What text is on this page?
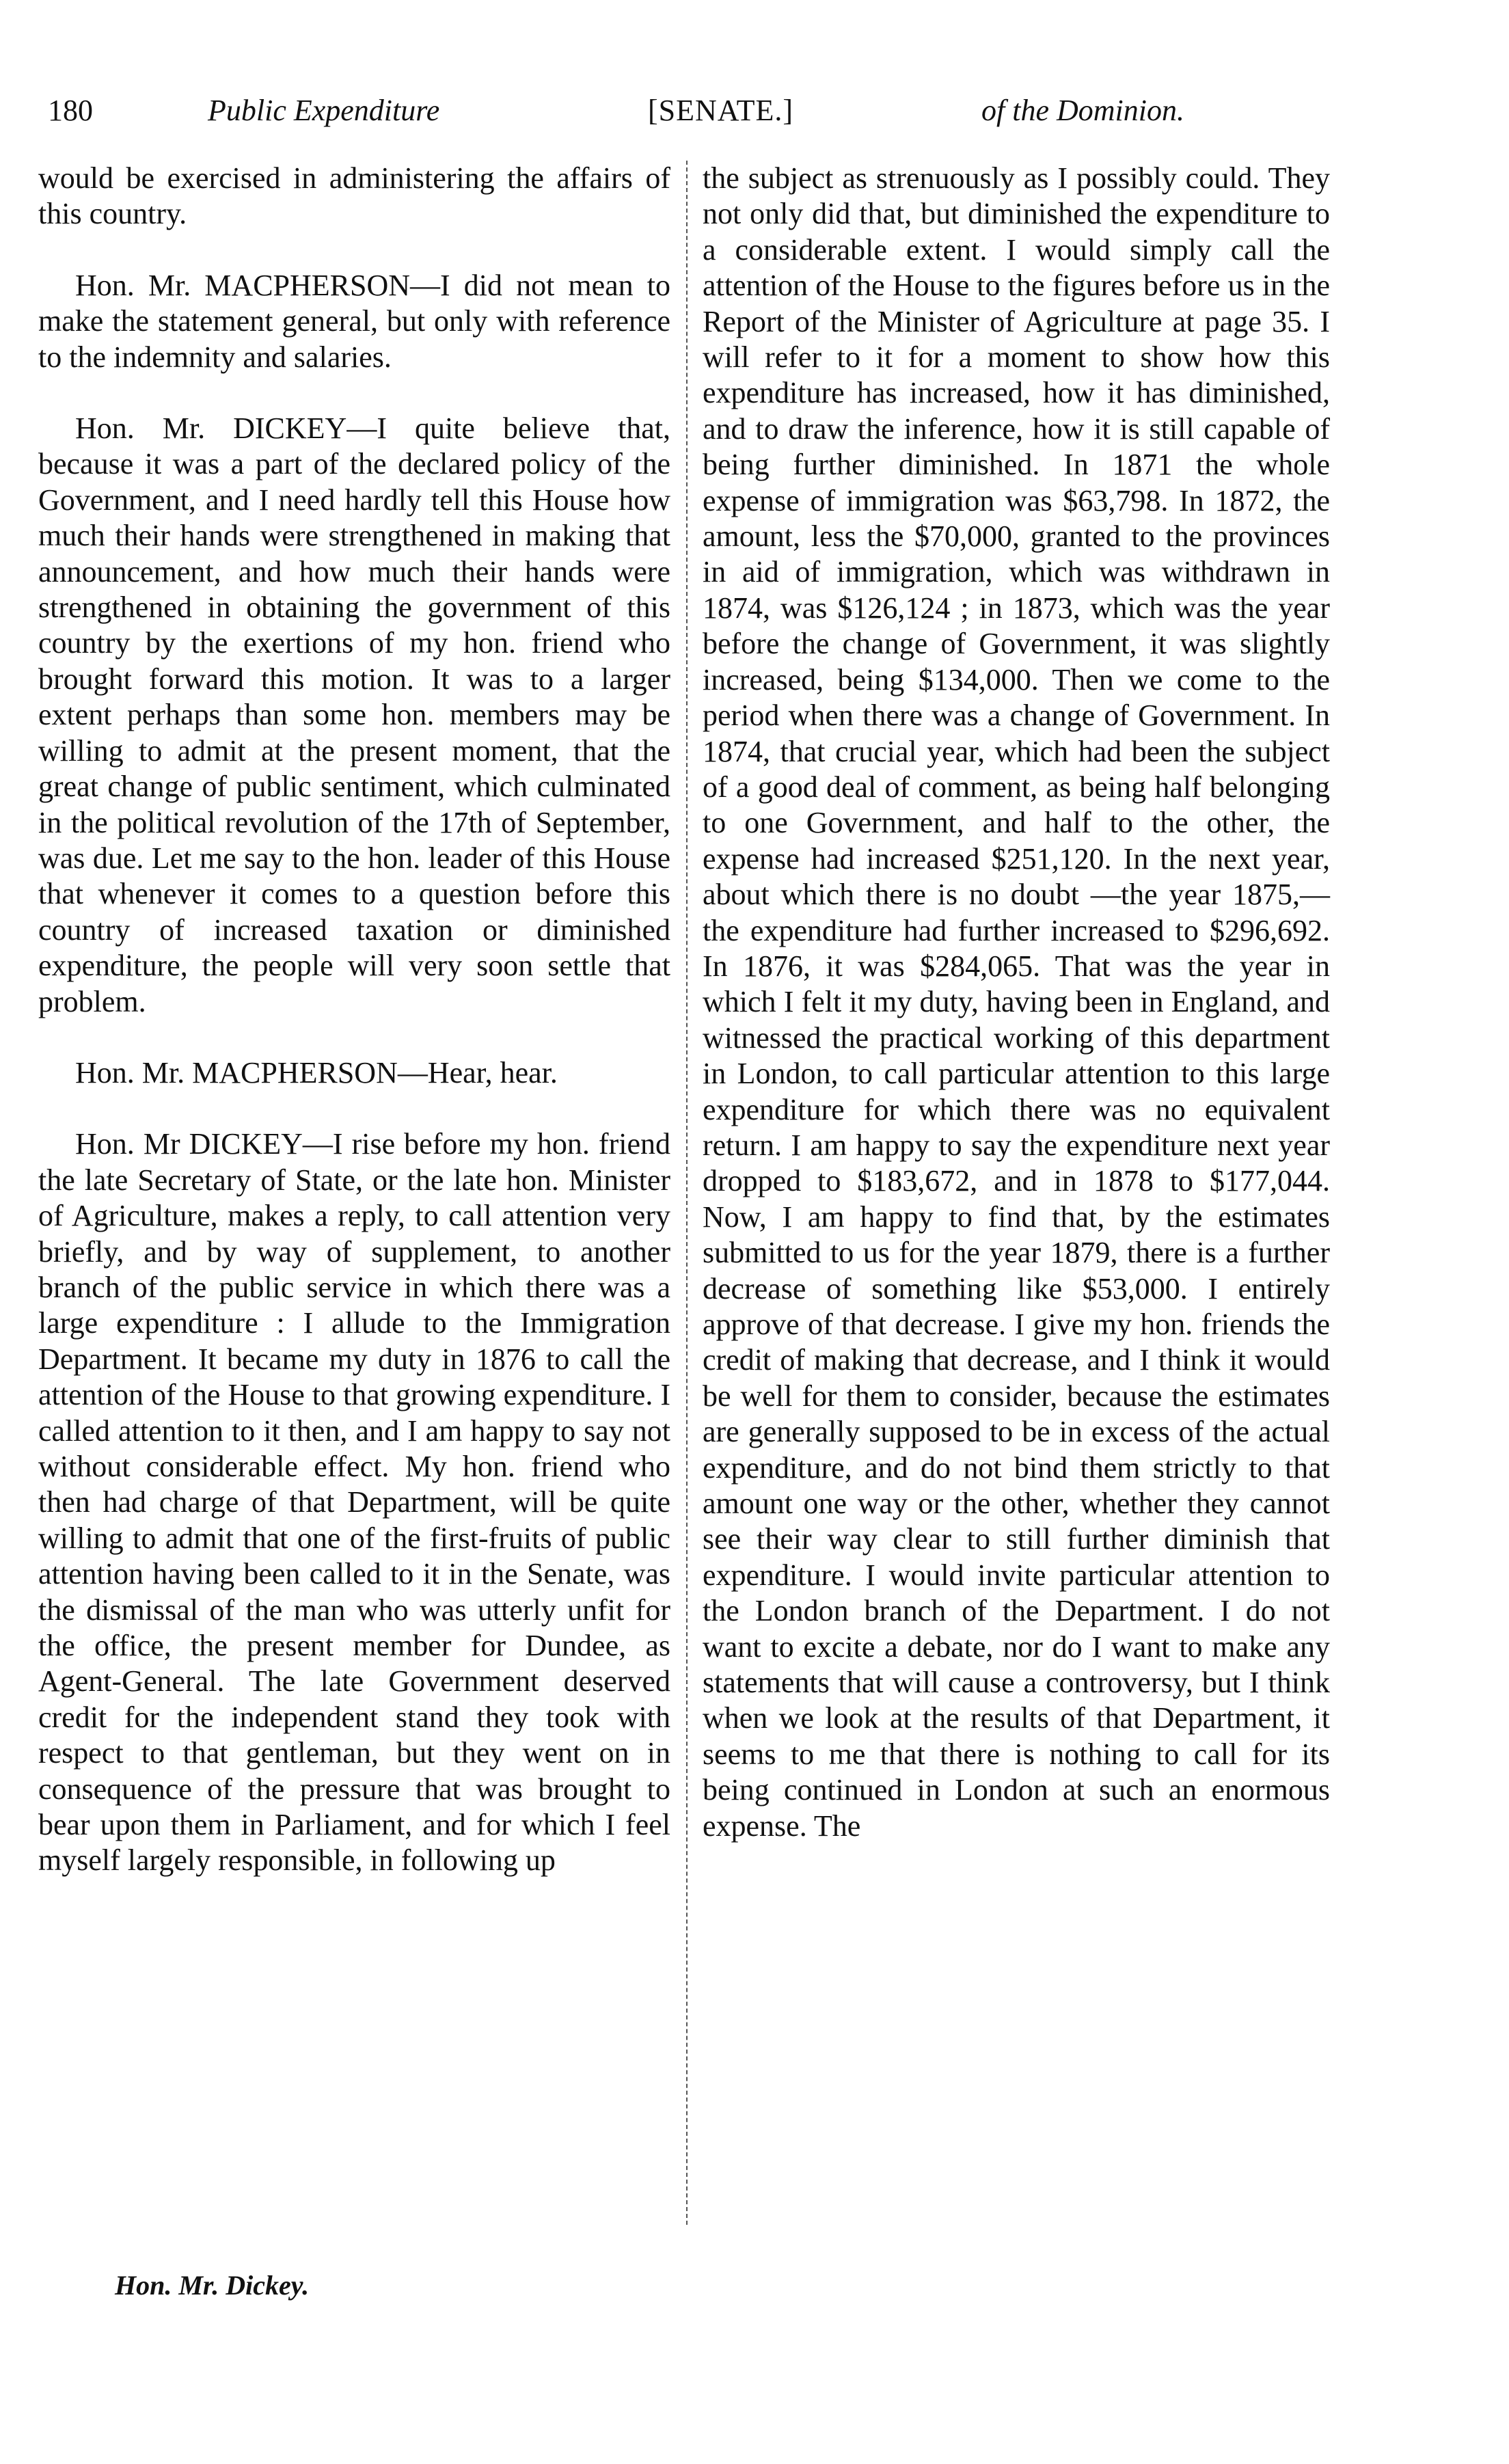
180	Public Expenditure	[SENATE.]	of the Dominion.

would be exercised in administering the affairs of this country.

Hon. Mr. MACPHERSON—I did not mean to make the statement general, but only with reference to the indemnity and salaries.

Hon. Mr. DICKEY—I quite believe that, because it was a part of the declared policy of the Government, and I need hardly tell this House how much their hands were strengthened in making that announcement, and how much their hands were strengthened in obtaining the government of this country by the exertions of my hon. friend who brought forward this motion. It was to a larger extent perhaps than some hon. members may be willing to admit at the present moment, that the great change of public sentiment, which culminated in the political revolution of the 17th of September, was due. Let me say to the hon. leader of this House that whenever it comes to a question before this country of increased taxation or diminished expenditure, the people will very soon settle that problem.

Hon. Mr. MACPHERSON—Hear, hear.

Hon. Mr DICKEY—I rise before my hon. friend the late Secretary of State, or the late hon. Minister of Agriculture, makes a reply, to call attention very briefly, and by way of supplement, to another branch of the public service in which there was a large expenditure : I allude to the Immigration Department. It became my duty in 1876 to call the attention of the House to that growing expenditure. I called attention to it then, and I am happy to say not without considerable effect. My hon. friend who then had charge of that Department, will be quite willing to admit that one of the first-fruits of public attention having been called to it in the Senate, was the dismissal of the man who was utterly unfit for the office, the present member for Dundee, as Agent-General. The late Government deserved credit for the independent stand they took with respect to that gentleman, but they went on in consequence of the pressure that was brought to bear upon them in Parliament, and for which I feel myself largely responsible, in following up

the subject as strenuously as I possibly could. They not only did that, but diminished the expenditure to a considerable extent. I would simply call the attention of the House to the figures before us in the Report of the Minister of Agriculture at page 35. I will refer to it for a moment to show how this expenditure has increased, how it has diminished, and to draw the inference, how it is still capable of being further diminished. In 1871 the whole expense of immigration was $63,798. In 1872, the amount, less the $70,000, granted to the provinces in aid of immigration, which was withdrawn in 1874, was $126,124 ; in 1873, which was the year before the change of Government, it was slightly increased, being $134,000. Then we come to the period when there was a change of Government. In 1874, that crucial year, which had been the subject of a good deal of comment, as being half belonging to one Government, and half to the other, the expense had increased $251,120. In the next year, about which there is no doubt —the year 1875,—the expenditure had further increased to $296,692. In 1876, it was $284,065. That was the year in which I felt it my duty, having been in England, and witnessed the practical working of this department in London, to call particular attention to this large expenditure for which there was no equivalent return. I am happy to say the expenditure next year dropped to $183,672, and in 1878 to $177,044. Now, I am happy to find that, by the estimates submitted to us for the year 1879, there is a further decrease of something like $53,000. I entirely approve of that decrease. I give my hon. friends the credit of making that decrease, and I think it would be well for them to consider, because the estimates are generally supposed to be in excess of the actual expenditure, and do not bind them strictly to that amount one way or the other, whether they cannot see their way clear to still further diminish that expenditure. I would invite particular attention to the London branch of the Department. I do not want to excite a debate, nor do I want to make any statements that will cause a controversy, but I think when we look at the results of that Department, it seems to me that there is nothing to call for its being continued in London at such an enormous expense. The

Hon. Mr. Dickey.
